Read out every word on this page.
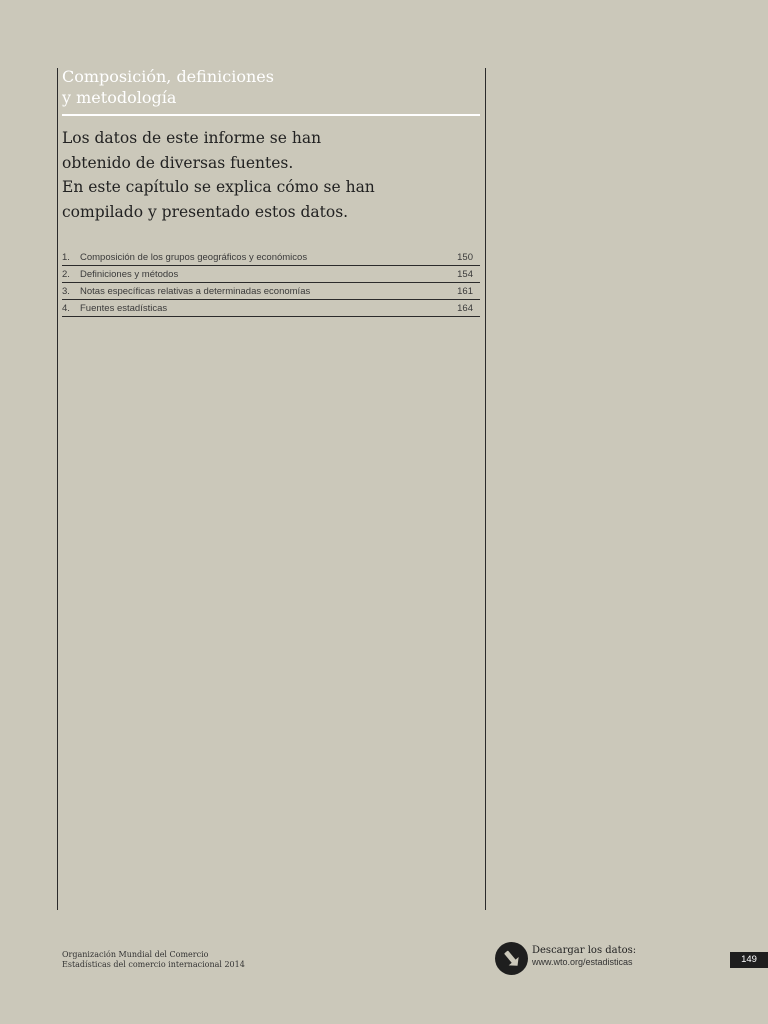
Composición, definiciones
y metodología
Los datos de este informe se han
obtenido de diversas fuentes.
En este capítulo se explica cómo se han
compilado y presentado estos datos.
1.	Composición de los grupos geográficos y económicos	150
2.	Definiciones y métodos	154
3.	Notas específicas relativas a determinadas economías	161
4.	Fuentes estadísticas	164
Organización Mundial del Comercio
Estadísticas del comercio internacional 2014
Descargar los datos:
www.wto.org/estadisticas	149
